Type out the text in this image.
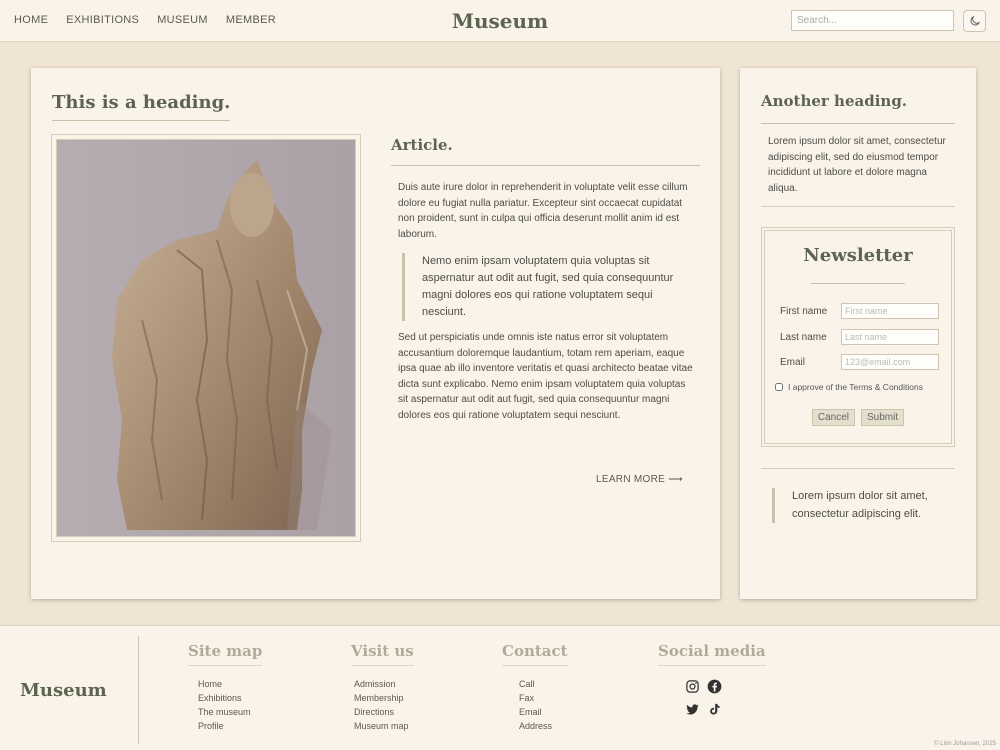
HOME EXHIBITIONS MUSEUM MEMBER	Museum
Search...
This is a heading.
Article.

Duis aute irure dolor in reprehenderit in voluptate velit esse cillum dolore eu fugiat nulla pariatur. Excepteur sint occaecat cupidatat non proident, sunt in culpa qui officia deserunt mollit anim id est laborum.

Nemo enim ipsam voluptatem quia voluptas sit aspernatur aut odit aut fugit, sed quia consequuntur magni dolores eos qui ratione voluptatem sequi nesciunt.

Sed ut perspiciatis unde omnis iste natus error sit voluptatem accusantium doloremque laudantium, totam rem aperiam, eaque ipsa quae ab illo inventore veritatis et quasi architecto beatae vitae dicta sunt explicabo. Nemo enim ipsam voluptatem quia voluptas sit aspernatur aut odit aut fugit, sed quia consequuntur magni dolores eos qui ratione voluptatem sequi nesciunt.

LEARN MORE ⟶
Another heading.

Lorem ipsum dolor sit amet, consectetur adipiscing elit, sed do eiusmod tempor incididunt ut labore et dolore magna aliqua.

Newsletter
First name
First name
Last name
Last name
Email
123@email.com
I approve of the Terms & Conditions
Cancel	Submit
Lorem ipsum dolor sit amet, consectetur adipiscing elit.
Museum
Site map
Home
Exhibitions
The museum
Profile
Visit us
Admission
Membership
Directions
Museum map
Contact
Call
Fax
Email
Address
Social media
© Linn Johansen, 2025
